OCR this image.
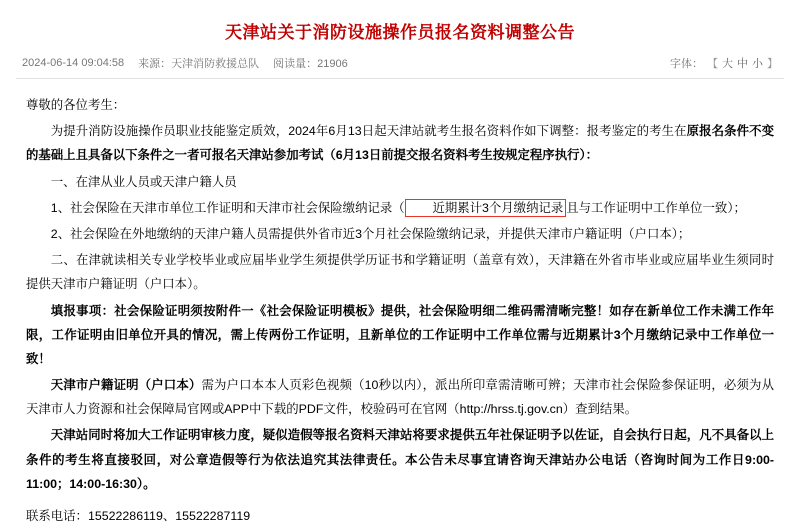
天津站关于消防设施操作员报名资料调整公告
2024-06-14 09:04:58 来源：天津消防救援总队 阅读量：21906	字体： 【 大 中 小 】

尊敬的各位考生：

为提升消防设施操作员职业技能鉴定质效，2024年6月13日起天津站就考生报名资料作如下调整：报考鉴定的考生在原报名条件不变的基础上且具备以下条件之一者可报名天津站参加考试（6月13日前提交报名资料考生按规定程序执行）：

一、在津从业人员或天津户籍人员

1、社会保险在天津市单位工作证明和天津市社会保险缴纳记录（ 近期累计3个月缴纳记录 且与工作证明中工作单位一致）；

2、社会保险在外地缴纳的天津户籍人员需提供外省市近3个月社会保险缴纳记录，并提供天津市户籍证明（户口本）；

二、在津就读相关专业学校毕业或应届毕业学生须提供学历证书和学籍证明（盖章有效），天津籍在外省市毕业或应届毕业生须同时提供天津市户籍证明（户口本）。

填报事项：社会保险证明须按附件一《社会保险证明模板》提供，社会保险明细二维码需清晰完整！如存在新单位工作未满工作年限，工作证明由旧单位开具的情况，需上传两份工作证明，且新单位的工作证明中工作单位需与近期累计3个月缴纳记录中工作单位一致！

天津市户籍证明（户口本）需为户口本本人页彩色视频（10秒以内），派出所印章需清晰可辨；天津市社会保险参保证明，必须为从天津市人力资源和社会保障局官网或APP中下载的PDF文件，校验码可在官网（http://hrss.tj.gov.cn）查到结果。

天津站同时将加大工作证明审核力度，疑似造假等报名资料天津站将要求提供五年社保证明予以佐证，自会执行日起，凡不具备以上条件的考生将直接驳回，对公章造假等行为依法追究其法律责任。本公告未尽事宜请咨询天津站办公电话（咨询时间为工作日9:00-11:00；14:00-16:30）。

联系电话：15522286119、15522287119
